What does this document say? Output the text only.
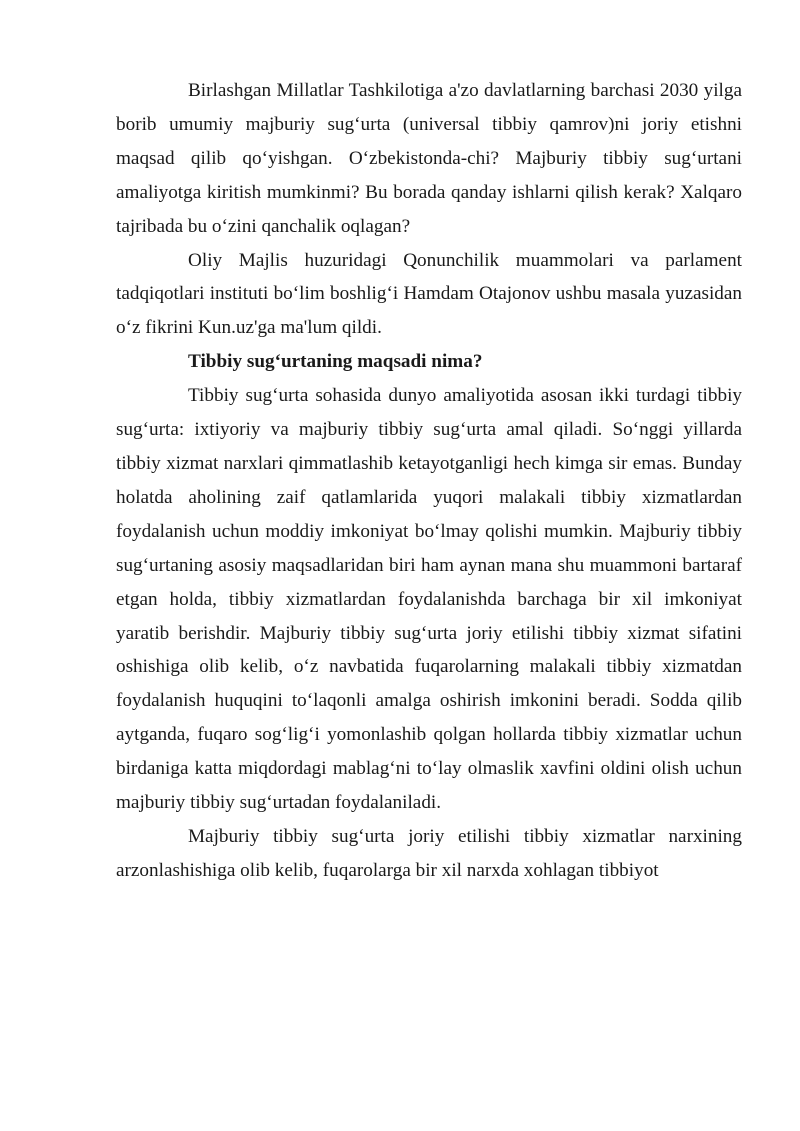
Birlashgan Millatlar Tashkilotiga a'zo davlatlarning barchasi 2030 yilga borib umumiy majburiy sug‘urta (universal tibbiy qamrov)ni joriy etishni maqsad qilib qo‘yishgan. O‘zbekistonda-chi? Majburiy tibbiy sug‘urtani amaliyotga kiritish mumkinmi? Bu borada qanday ishlarni qilish kerak? Xalqaro tajribada bu o‘zini qanchalik oqlagan?

Oliy Majlis huzuridagi Qonunchilik muammolari va parlament tadqiqotlari instituti bo‘lim boshlig‘i Hamdam Otajonov ushbu masala yuzasidan o‘z fikrini Kun.uz'ga ma'lum qildi.

Tibbiy sug‘urtaning maqsadi nima?

Tibbiy sug‘urta sohasida dunyo amaliyotida asosan ikki turdagi tibbiy sug‘urta: ixtiyoriy va majburiy tibbiy sug‘urta amal qiladi. So‘nggi yillarda tibbiy xizmat narxlari qimmatlashib ketayotganligi hech kimga sir emas. Bunday holatda aholining zaif qatlamlarida yuqori malakali tibbiy xizmatlardan foydalanish uchun moddiy imkoniyat bo‘lmay qolishi mumkin. Majburiy tibbiy sug‘urtaning asosiy maqsadlaridan biri ham aynan mana shu muammoni bartaraf etgan holda, tibbiy xizmatlardan foydalanishda barchaga bir xil imkoniyat yaratib berishdir. Majburiy tibbiy sug‘urta joriy etilishi tibbiy xizmat sifatini oshishiga olib kelib, o‘z navbatida fuqarolarning malakali tibbiy xizmatdan foydalanish huquqini to‘laqonli amalga oshirish imkonini beradi. Sodda qilib aytganda, fuqaro sog‘lig‘i yomonlashib qolgan hollarda tibbiy xizmatlar uchun birdaniga katta miqdordagi mablag‘ni to‘lay olmaslik xavfini oldini olish uchun majburiy tibbiy sug‘urtadan foydalaniladi.

Majburiy tibbiy sug‘urta joriy etilishi tibbiy xizmatlar narxining arzonlashishiga olib kelib, fuqarolarga bir xil narxda xohlagan tibbiyot
